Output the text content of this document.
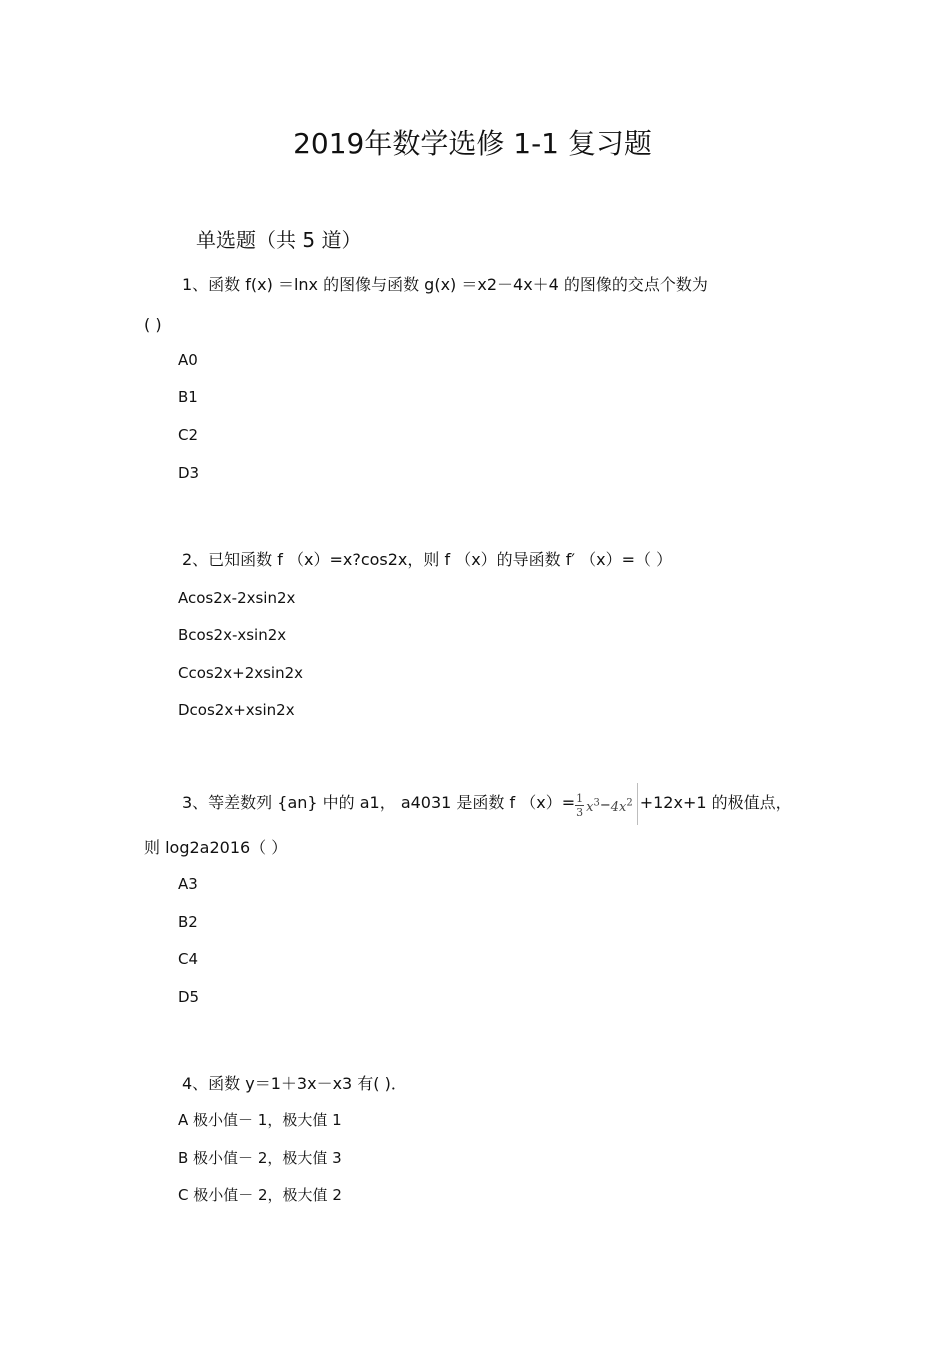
2019年数学选修 1-1 复习题
单选题（共 5 道）
1、函数 f(x) ＝lnx 的图像与函数 g(x) ＝x2－4x＋4 的图像的交点个数为
( )
A0
B1
C2
D3
2、已知函数 f （x）=x?cos2x，则 f （x）的导函数 f′ （x）=（ ）
Acos2x-2xsin2x
Bcos2x-xsin2x
Ccos2x+2xsin2x
Dcos2x+xsin2x
3、等差数列 {an} 中的 a1， a4031 是函数 f $(x)= \frac{1}{3} x^3-4x^2 +12x+1$ 的极值点，
则 log2a2016（ ）
A3
B2
C4
D5
4、函数 y＝1＋3x－x3 有( )．
A 极小值－ 1，极大值 1
B 极小值－ 2，极大值 3
C 极小值－ 2，极大值 2
